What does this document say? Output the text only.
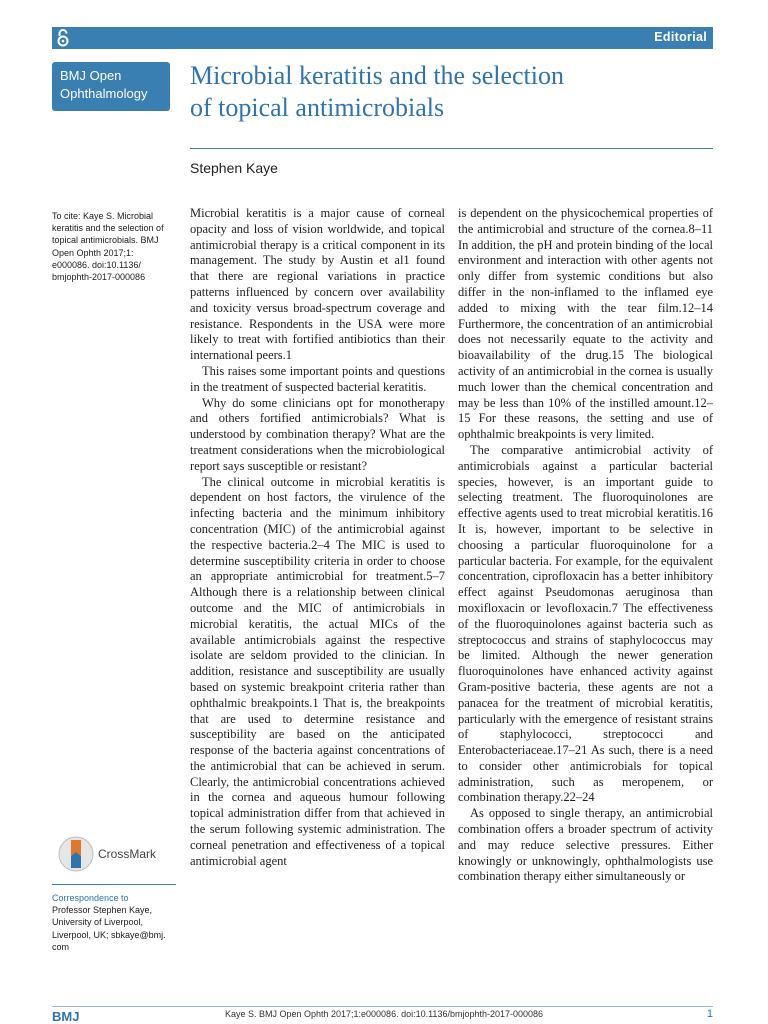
Editorial
BMJ Open
Ophthalmology
Microbial keratitis and the selection
of topical antimicrobials
Stephen Kaye
To cite: Kaye S. Microbial
keratitis and the selection of
topical antimicrobials. BMJ
Open Ophth 2017;1:
e000086. doi:10.1136/
bmjophth-2017-000086
CrossMark
Correspondence to
Professor Stephen Kaye,
University of Liverpool,
Liverpool, UK; sbkaye@bmj.
com

Microbial keratitis is a major cause of corneal opacity and loss of vision worldwide, and topical antimicrobial therapy is a critical component in its management. The study by Austin et al1 found that there are regional variations in practice patterns influenced by concern over availability and toxicity versus broad-spectrum coverage and resistance. Respondents in the USA were more likely to treat with fortified antibiotics than their international peers.1

This raises some important points and questions in the treatment of suspected bacterial keratitis.

Why do some clinicians opt for monotherapy and others fortified antimicrobials? What is understood by combination therapy? What are the treatment considerations when the microbiological report says susceptible or resistant?

The clinical outcome in microbial keratitis is dependent on host factors, the virulence of the infecting bacteria and the minimum inhibitory concentration (MIC) of the antimicrobial against the respective bacteria.2–4 The MIC is used to determine susceptibility criteria in order to choose an appropriate antimicrobial for treatment.5–7 Although there is a relationship between clinical outcome and the MIC of antimicrobials in microbial keratitis, the actual MICs of the available antimicrobials against the respective isolate are seldom provided to the clinician. In addition, resistance and susceptibility are usually based on systemic breakpoint criteria rather than ophthalmic breakpoints.1 That is, the breakpoints that are used to determine resistance and susceptibility are based on the anticipated response of the bacteria against concentrations of the antimicrobial that can be achieved in serum. Clearly, the antimicrobial concentrations achieved in the cornea and aqueous humour following topical administration differ from that achieved in the serum following systemic administration. The corneal penetration and effectiveness of a topical antimicrobial agent

is dependent on the physicochemical properties of the antimicrobial and structure of the cornea.8–11 In addition, the pH and protein binding of the local environment and interaction with other agents not only differ from systemic conditions but also differ in the non-inflamed to the inflamed eye added to mixing with the tear film.12–14 Furthermore, the concentration of an antimicrobial does not necessarily equate to the activity and bioavailability of the drug.15 The biological activity of an antimicrobial in the cornea is usually much lower than the chemical concentration and may be less than 10% of the instilled amount.12–15 For these reasons, the setting and use of ophthalmic breakpoints is very limited.

The comparative antimicrobial activity of antimicrobials against a particular bacterial species, however, is an important guide to selecting treatment. The fluoroquinolones are effective agents used to treat microbial keratitis.16 It is, however, important to be selective in choosing a particular fluoroquinolone for a particular bacteria. For example, for the equivalent concentration, ciprofloxacin has a better inhibitory effect against Pseudomonas aeruginosa than moxifloxacin or levofloxacin.7 The effectiveness of the fluoroquinolones against bacteria such as streptococcus and strains of staphylococcus may be limited. Although the newer generation fluoroquinolones have enhanced activity against Gram-positive bacteria, these agents are not a panacea for the treatment of microbial keratitis, particularly with the emergence of resistant strains of staphylococci, streptococci and Enterobacteriaceae.17–21 As such, there is a need to consider other antimicrobials for topical administration, such as meropenem, or combination therapy.22–24

As opposed to single therapy, an antimicrobial combination offers a broader spectrum of activity and may reduce selective pressures. Either knowingly or unknowingly, ophthalmologists use combination therapy either simultaneously or

BMJ	Kaye S. BMJ Open Ophth 2017;1:e000086. doi:10.1136/bmjophth-2017-000086	1
